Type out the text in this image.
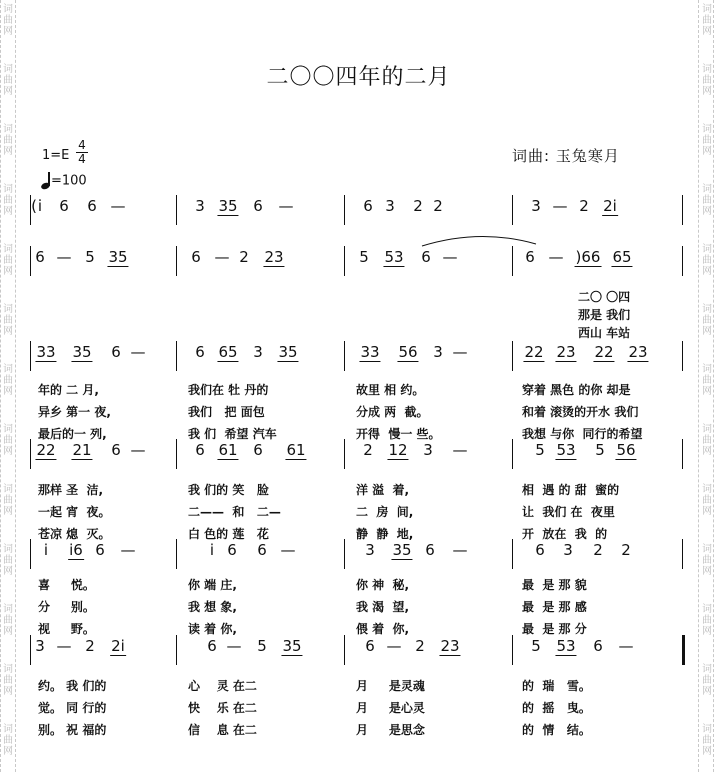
词
曲
网
词
曲
网
词
曲
网
词
曲
网
词
曲
网
词
曲
网
词
曲
网
词
曲
网
词
曲
网
词
曲
网
词
曲
网
词
曲
网
词
曲
网
词
曲
网
词
曲
网
词
曲
网
词
曲
网
词
曲
网
词
曲
网
词
曲
网
词
曲
网
词
曲
网
词
曲
网
词
曲
网
词
曲
网
词
曲
网
二〇〇四年的二月
$1=E \frac{4}{4}$
=100
词曲: 玉兔寒月
( i̇ 6 6 —	3 35 6 —	6 3 2 2	3 — 2 2i
6 — 5 35	6 — 2 23	5 53 6 —	6 — )66 65
二〇 〇四
那是 我们
西山 车站
33 35 6 —	6 65 3 35	33 56 3 —	22 23 22 23
年的 二 月,	我们在 牡 丹的	故里 相 约。	穿着 黑色 的你 却是
异乡 第一 夜,	我们   把 面包	分成 两  截。	和着 滚烫的开水 我们
最后的一 列,	我 们  希望 汽车	开得  慢一 些。	我想 与你  同行的希望
22 21 6 —	6 61 6 61	2 12 3 —	5 53 5 56
那样 圣  洁,	我 们的 笑   脸	洋 溢  着,	相  遇 的 甜  蜜的
一起 宵  夜。	二——  和   二—	二  房  间,	让  我们 在  夜里
苍凉 熄  灭。	白 色的 莲   花	静  静  地,	开  放在  我  的
i i6 6 —	i 6 6 —	3 35 6 —	6 3 2 2
喜     悦。	你 端 庄,	你 神  秘,	最  是 那 貌
分     别。	我 想 象,	我 渴  望,	最  是 那 感
视     野。	读 着 你,	偎 着  你,	最  是 那 分
3 — 2 2i	6 — 5 35	6 — 2 23	5 53 6 —
约。 我 们的	心    灵 在二	月     是灵魂	的  瑞   雪。
觉。 同 行的	快    乐 在二	月     是心灵	的  摇   曳。
别。 祝 福的	信    息 在二	月     是思念	的  情   结。
